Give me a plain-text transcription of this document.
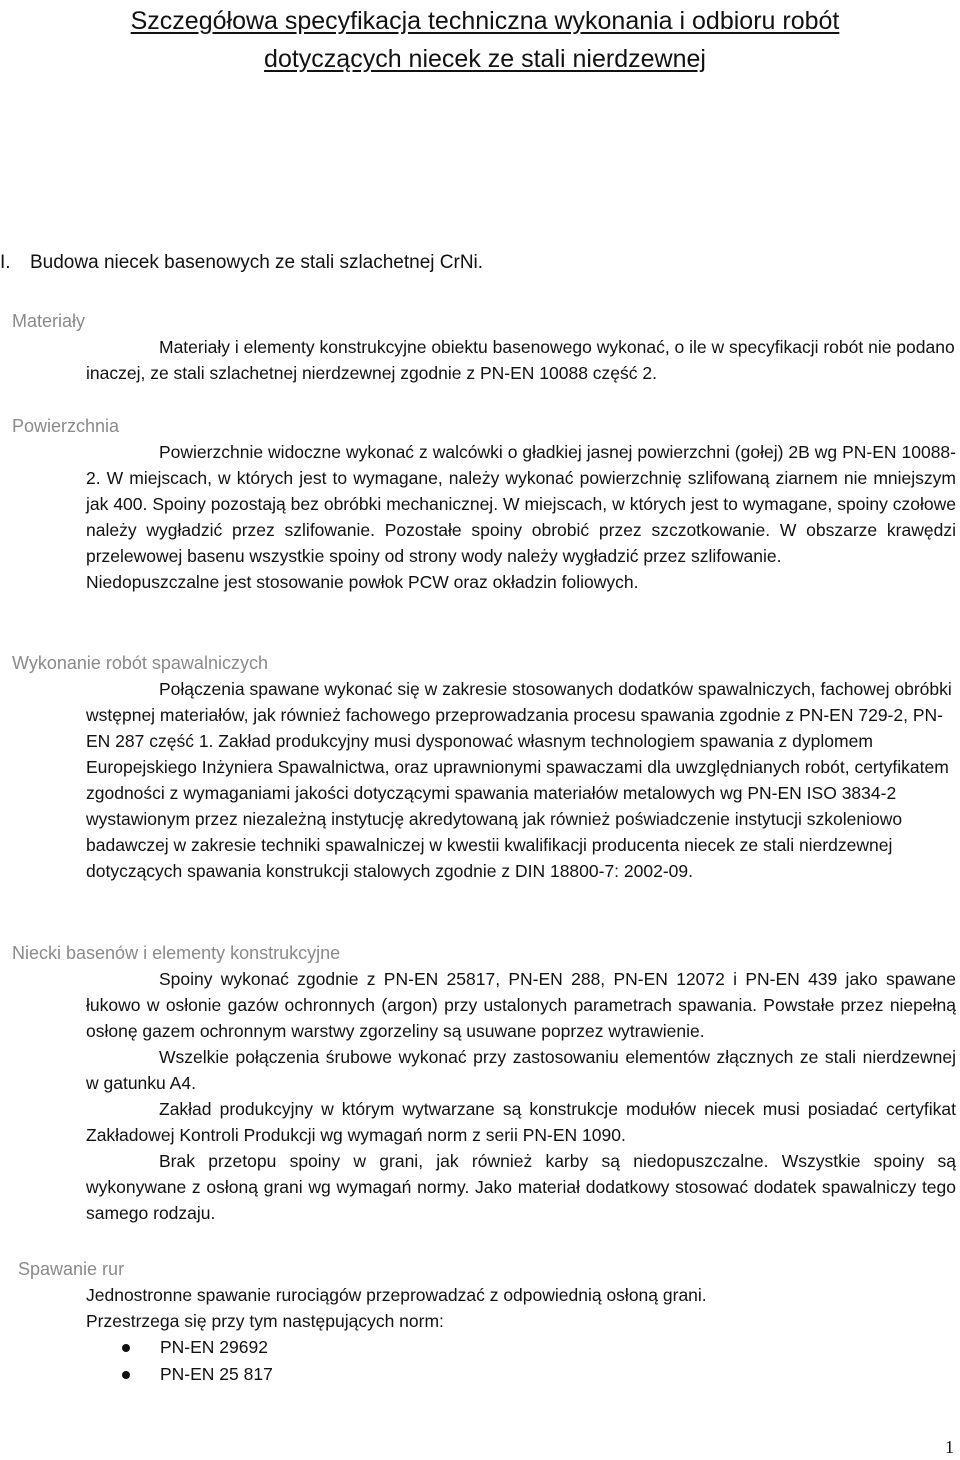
Szczegółowa specyfikacja techniczna wykonania i odbioru robót
dotyczących niecek ze stali nierdzewnej
I. Budowa niecek basenowych ze stali szlachetnej CrNi.
Materiały

Materiały i elementy konstrukcyjne obiektu basenowego wykonać, o ile w specyfikacji robót nie podano inaczej, ze stali szlachetnej nierdzewnej zgodnie z PN-EN 10088 część 2.

Powierzchnia

Powierzchnie widoczne wykonać z walcówki o gładkiej jasnej powierzchni (gołej) 2B wg PN-EN 10088-2. W miejscach, w których jest to wymagane, należy wykonać powierzchnię szlifowaną ziarnem nie mniejszym jak 400. Spoiny pozostają bez obróbki mechanicznej. W miejscach, w których jest to wymagane, spoiny czołowe należy wygładzić przez szlifowanie. Pozostałe spoiny obrobić przez szczotkowanie. W obszarze krawędzi przelewowej basenu wszystkie spoiny od strony wody należy wygładzić przez szlifowanie.

Niedopuszczalne jest stosowanie powłok PCW oraz okładzin foliowych.

Wykonanie robót spawalniczych

Połączenia spawane wykonać się w zakresie stosowanych dodatków spawalniczych, fachowej obróbki wstępnej materiałów, jak również fachowego przeprowadzania procesu spawania zgodnie z PN-EN 729-2, PN-EN 287 część 1. Zakład produkcyjny musi dysponować własnym technologiem spawania z dyplomem Europejskiego Inżyniera Spawalnictwa, oraz uprawnionymi spawaczami dla uwzględnianych robót, certyfikatem zgodności z wymaganiami jakości dotyczącymi spawania materiałów metalowych wg PN-EN ISO 3834-2 wystawionym przez niezależną instytucję akredytowaną jak również poświadczenie instytucji szkoleniowo badawczej w zakresie techniki spawalniczej w kwestii kwalifikacji producenta niecek ze stali nierdzewnej dotyczących spawania konstrukcji stalowych zgodnie z DIN 18800-7: 2002-09.

Niecki basenów i elementy konstrukcyjne

Spoiny wykonać zgodnie z PN-EN 25817, PN-EN 288, PN-EN 12072 i PN-EN 439 jako spawane łukowo w osłonie gazów ochronnych (argon) przy ustalonych parametrach spawania. Powstałe przez niepełną osłonę gazem ochronnym warstwy zgorzeliny są usuwane poprzez wytrawienie.

Wszelkie połączenia śrubowe wykonać przy zastosowaniu elementów złącznych ze stali nierdzewnej w gatunku A4.

Zakład produkcyjny w którym wytwarzane są konstrukcje modułów niecek musi posiadać certyfikat Zakładowej Kontroli Produkcji wg wymagań norm z serii PN-EN 1090.

Brak przetopu spoiny w grani, jak również karby są niedopuszczalne. Wszystkie spoiny są wykonywane z osłoną grani wg wymagań normy. Jako materiał dodatkowy stosować dodatek spawalniczy tego samego rodzaju.

Spawanie rur

Jednostronne spawanie rurociągów przeprowadzać z odpowiednią osłoną grani.

Przestrzega się przy tym następujących norm:

PN-EN 29692
PN-EN 25 817
1
